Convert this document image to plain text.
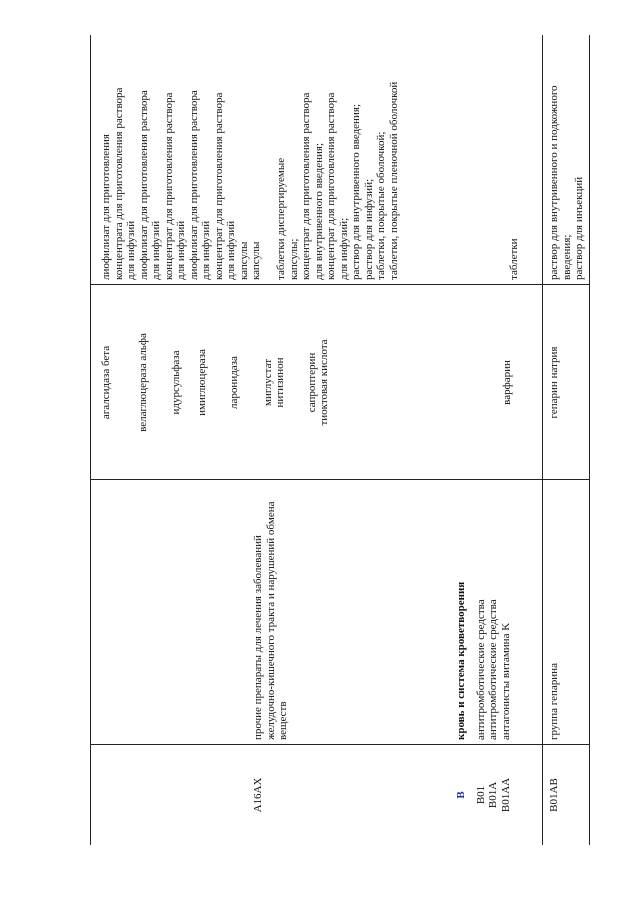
A16AX
прочие препараты для лечения заболеваний желудочно-кишечного тракта и нарушений обмена веществ
агалсидаза бета велаглюцераза альфа идурсульфаза имиглюцераза ларонидаза миглустат нитизинон сапроптерин тиоктовая кислота
лиофилизат для приготовления концентрата для приготовления раствора для инфузий лиофилизат для приготовления раствора для инфузий концентрат для приготовления раствора для инфузий лиофилизат для приготовления раствора для инфузий концентрат для приготовления раствора для инфузий капсулы капсулы таблетки диспергируемые капсулы; концентрат для приготовления раствора для внутривенного введения; концентрат для приготовления раствора для инфузий; раствор для внутривенного введения; раствор для инфузий; таблетки, покрытые оболочкой; таблетки, покрытые пленочной оболочкой
B B01 B01A B01AA
кровь и система кроветворения антитромботические средства антитромботические средства антагонисты витамина K
варфарин
таблетки
B01AB
группа гепарина
гепарин натрия
раствор для внутривенного и подкожного введения; раствор для инъекций
